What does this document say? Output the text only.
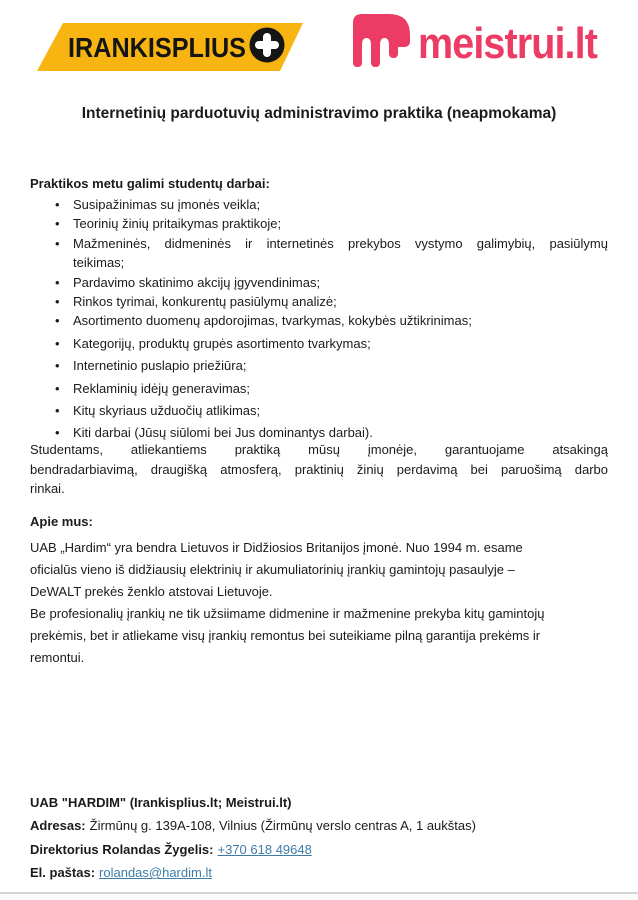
IRANKISPLIUS	meistrui.lt
Internetinių parduotuvių administravimo praktika (neapmokama)
Praktikos metu galimi studentų darbai:
• Susipažinimas su įmonės veikla;
• Teorinių žinių pritaikymas praktikoje;
• Mažmeninės, didmeninės ir internetinės prekybos vystymo galimybių, pasiūlymų
teikimas;
• Pardavimo skatinimo akcijų įgyvendinimas;
• Rinkos tyrimai, konkurentų pasiūlymų analizė;
• Asortimento duomenų apdorojimas, tvarkymas, kokybės užtikrinimas;
• Kategorijų, produktų grupės asortimento tvarkymas;
• Internetinio puslapio priežiūra;
• Reklaminių idėjų generavimas;
• Kitų skyriaus užduočių atlikimas;
• Kiti darbai (Jūsų siūlomi bei Jus dominantys darbai).
Studentams, atliekantiems praktiką mūsų įmonėje, garantuojame atsakingą
bendradarbiavimą, draugišką atmosferą, praktinių žinių perdavimą bei paruošimą darbo
rinkai.
Apie mus:
UAB „Hardim“ yra bendra Lietuvos ir Didžiosios Britanijos įmonė. Nuo 1994 m. esame
oficialūs vieno iš didžiausių elektrinių ir akumuliatorinių įrankių gamintojų pasaulyje –
DeWALT prekės ženklo atstovai Lietuvoje.
Be profesionalių įrankių ne tik užsiimame didmenine ir mažmenine prekyba kitų gamintojų
prekėmis, bet ir atliekame visų įrankių remontus bei suteikiame pilną garantija prekėms ir
remontui.
UAB "HARDIM" (Irankisplius.lt; Meistrui.lt)
Adresas: Žirmūnų g. 139A-108, Vilnius (Žirmūnų verslo centras A, 1 aukštas)
Direktorius Rolandas Žygelis: +370 618 49648
El. paštas: rolandas@hardim.lt
